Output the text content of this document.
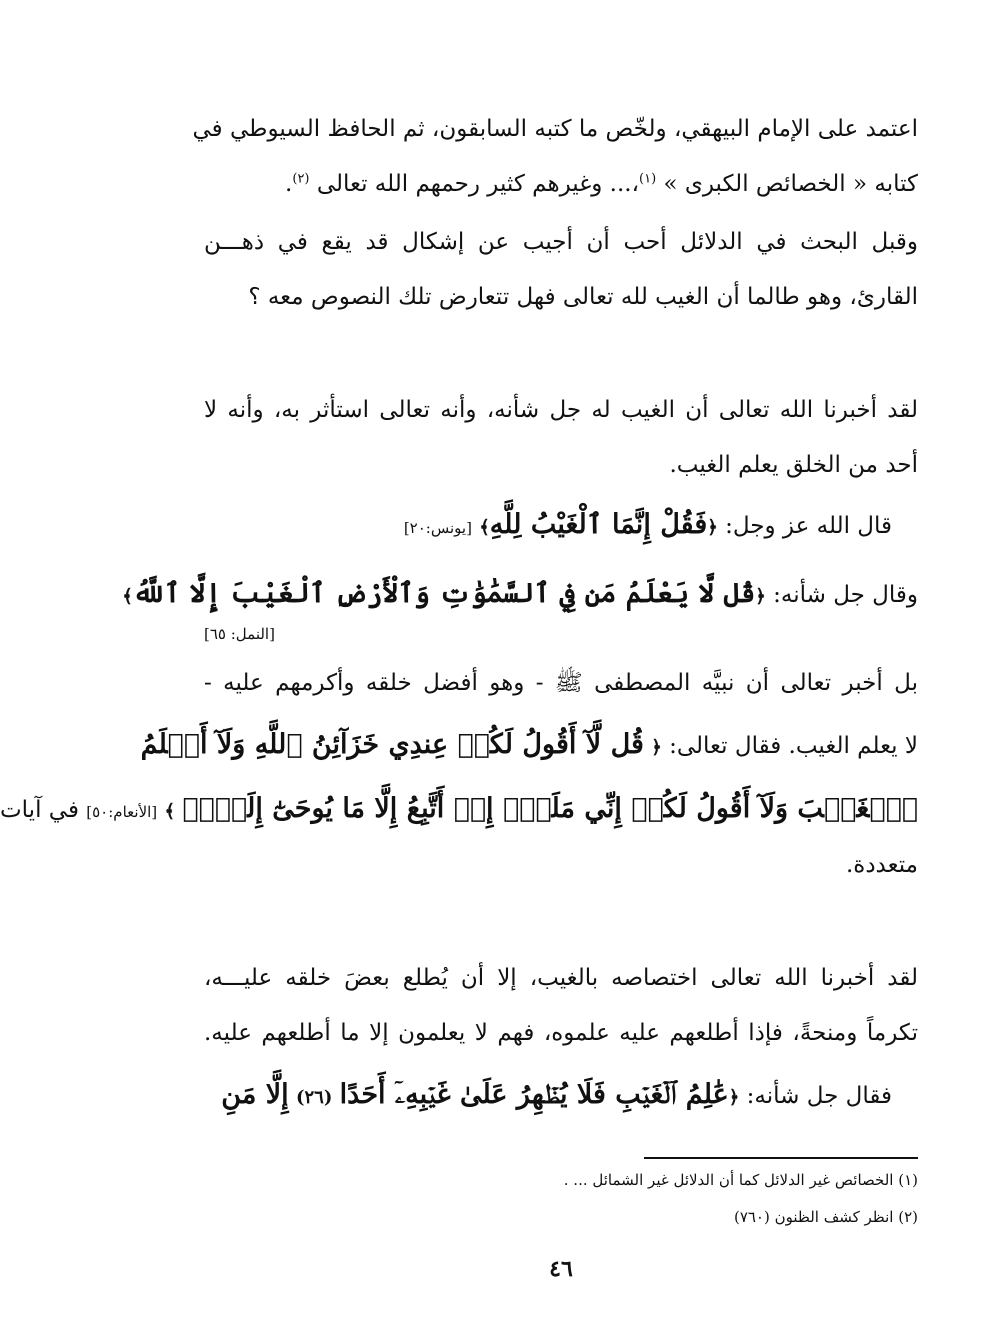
اعتمد على الإمام البيهقي، ولخّص ما كتبه السابقون، ثم الحافظ السيوطي في
كتابه « الخصائص الكبرى » $^{(١)}$،... وغيرهم كثير رحمهم الله تعالى $^{(٢)}$.
وقبل البحث في الدلائل أحب أن أجيب عن إشكال قد يقع في ذهـــن
القارئ، وهو طالما أن الغيب لله تعالى فهل تتعارض تلك النصوص معه ؟
لقد أخبرنا الله تعالى أن الغيب له جل شأنه، وأنه تعالى استأثر به، وأنه لا
أحد من الخلق يعلم الغيب.
قال الله عز وجل: ﴿فَقُلْ إِنَّمَا ٱلْغَيْبُ لِلَّهِ﴾ [يونس:٢٠]
وقال جل شأنه: ﴿قُل لَّا يَعْلَمُ مَن فِي ٱلسَّمَٰوَٰتِ وَٱلْأَرْضِ ٱلْغَيْبَ إِلَّا ٱللَّهُ﴾
[النمل: ٦٥]
بل أخبر تعالى أن نبيَّه المصطفى ﷺ - وهو أفضل خلقه وأكرمهم عليه -
لا يعلم الغيب. فقال تعالى: ﴿ قُل لَّآ أَقُولُ لَكُمۡ عِندِي خَزَآئِنُ ٱللَّهِ وَلَآ أَعۡلَمُ
ٱلۡغَيۡبَ وَلَآ أَقُولُ لَكُمۡ إِنِّي مَلَكٌۖ إِنۡ أَتَّبِعُ إِلَّا مَا يُوحَىٰٓ إِلَيَّۚ ﴾ [الأنعام:٥٠] في آيات
متعددة.
لقد أخبرنا الله تعالى اختصاصه بالغيب، إلا أن يُطلع بعضَ خلقه عليـــه،
تكرماً ومنحةً، فإذا أطلعهم عليه علموه، فهم لا يعلمون إلا ما أطلعهم عليه.
فقال جل شأنه: ﴿عَٰلِمُ ٱلۡغَيۡبِ فَلَا يُظۡهِرُ عَلَىٰ غَيۡبِهِۦٓ أَحَدًا (٢٦) إِلَّا مَنِ
(١) الخصائص غير الدلائل كما أن الدلائل غير الشمائل ... .
(٢) انظر كشف الظنون (٧٦٠)
٤٦
